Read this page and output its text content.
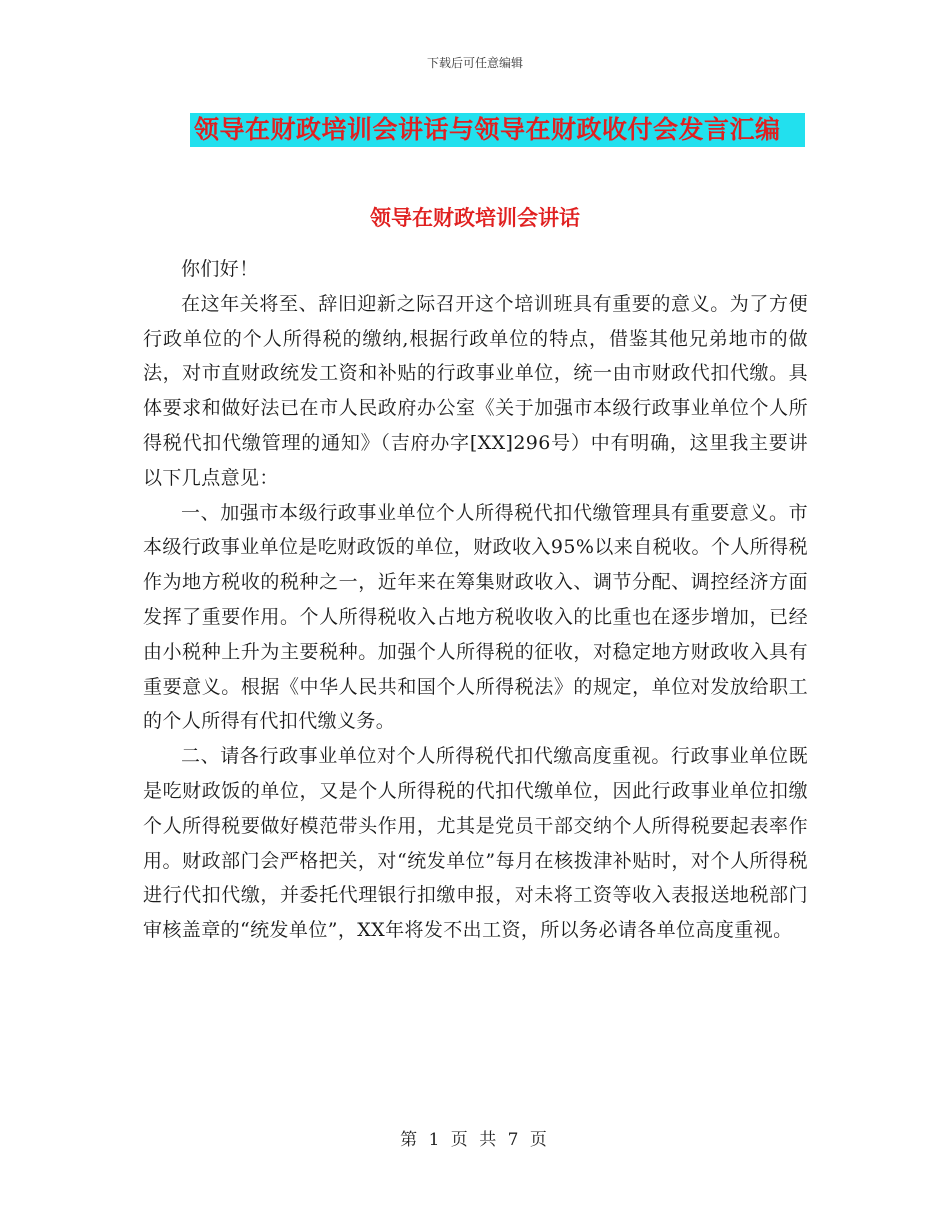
下载后可任意编辑
领导在财政培训会讲话与领导在财政收付会发言汇编
领导在财政培训会讲话

你们好！

在这年关将至、辞旧迎新之际召开这个培训班具有重要的意义。为了方便行政单位的个人所得税的缴纳,根据行政单位的特点，借鉴其他兄弟地市的做法，对市直财政统发工资和补贴的行政事业单位，统一由市财政代扣代缴。具体要求和做好法已在市人民政府办公室《关于加强市本级行政事业单位个人所得税代扣代缴管理的通知》（吉府办字[XX]296号）中有明确，这里我主要讲以下几点意见：

一、加强市本级行政事业单位个人所得税代扣代缴管理具有重要意义。市本级行政事业单位是吃财政饭的单位，财政收入95%以来自税收。个人所得税作为地方税收的税种之一，近年来在筹集财政收入、调节分配、调控经济方面发挥了重要作用。个人所得税收入占地方税收收入的比重也在逐步增加，已经由小税种上升为主要税种。加强个人所得税的征收，对稳定地方财政收入具有重要意义。根据《中华人民共和国个人所得税法》的规定，单位对发放给职工的个人所得有代扣代缴义务。

二、请各行政事业单位对个人所得税代扣代缴高度重视。行政事业单位既是吃财政饭的单位，又是个人所得税的代扣代缴单位，因此行政事业单位扣缴个人所得税要做好模范带头作用，尤其是党员干部交纳个人所得税要起表率作用。财政部门会严格把关，对“统发单位”每月在核拨津补贴时，对个人所得税进行代扣代缴，并委托代理银行扣缴申报，对未将工资等收入表报送地税部门审核盖章的“统发单位”，XX年将发不出工资，所以务必请各单位高度重视。

第 1 页 共 7 页
